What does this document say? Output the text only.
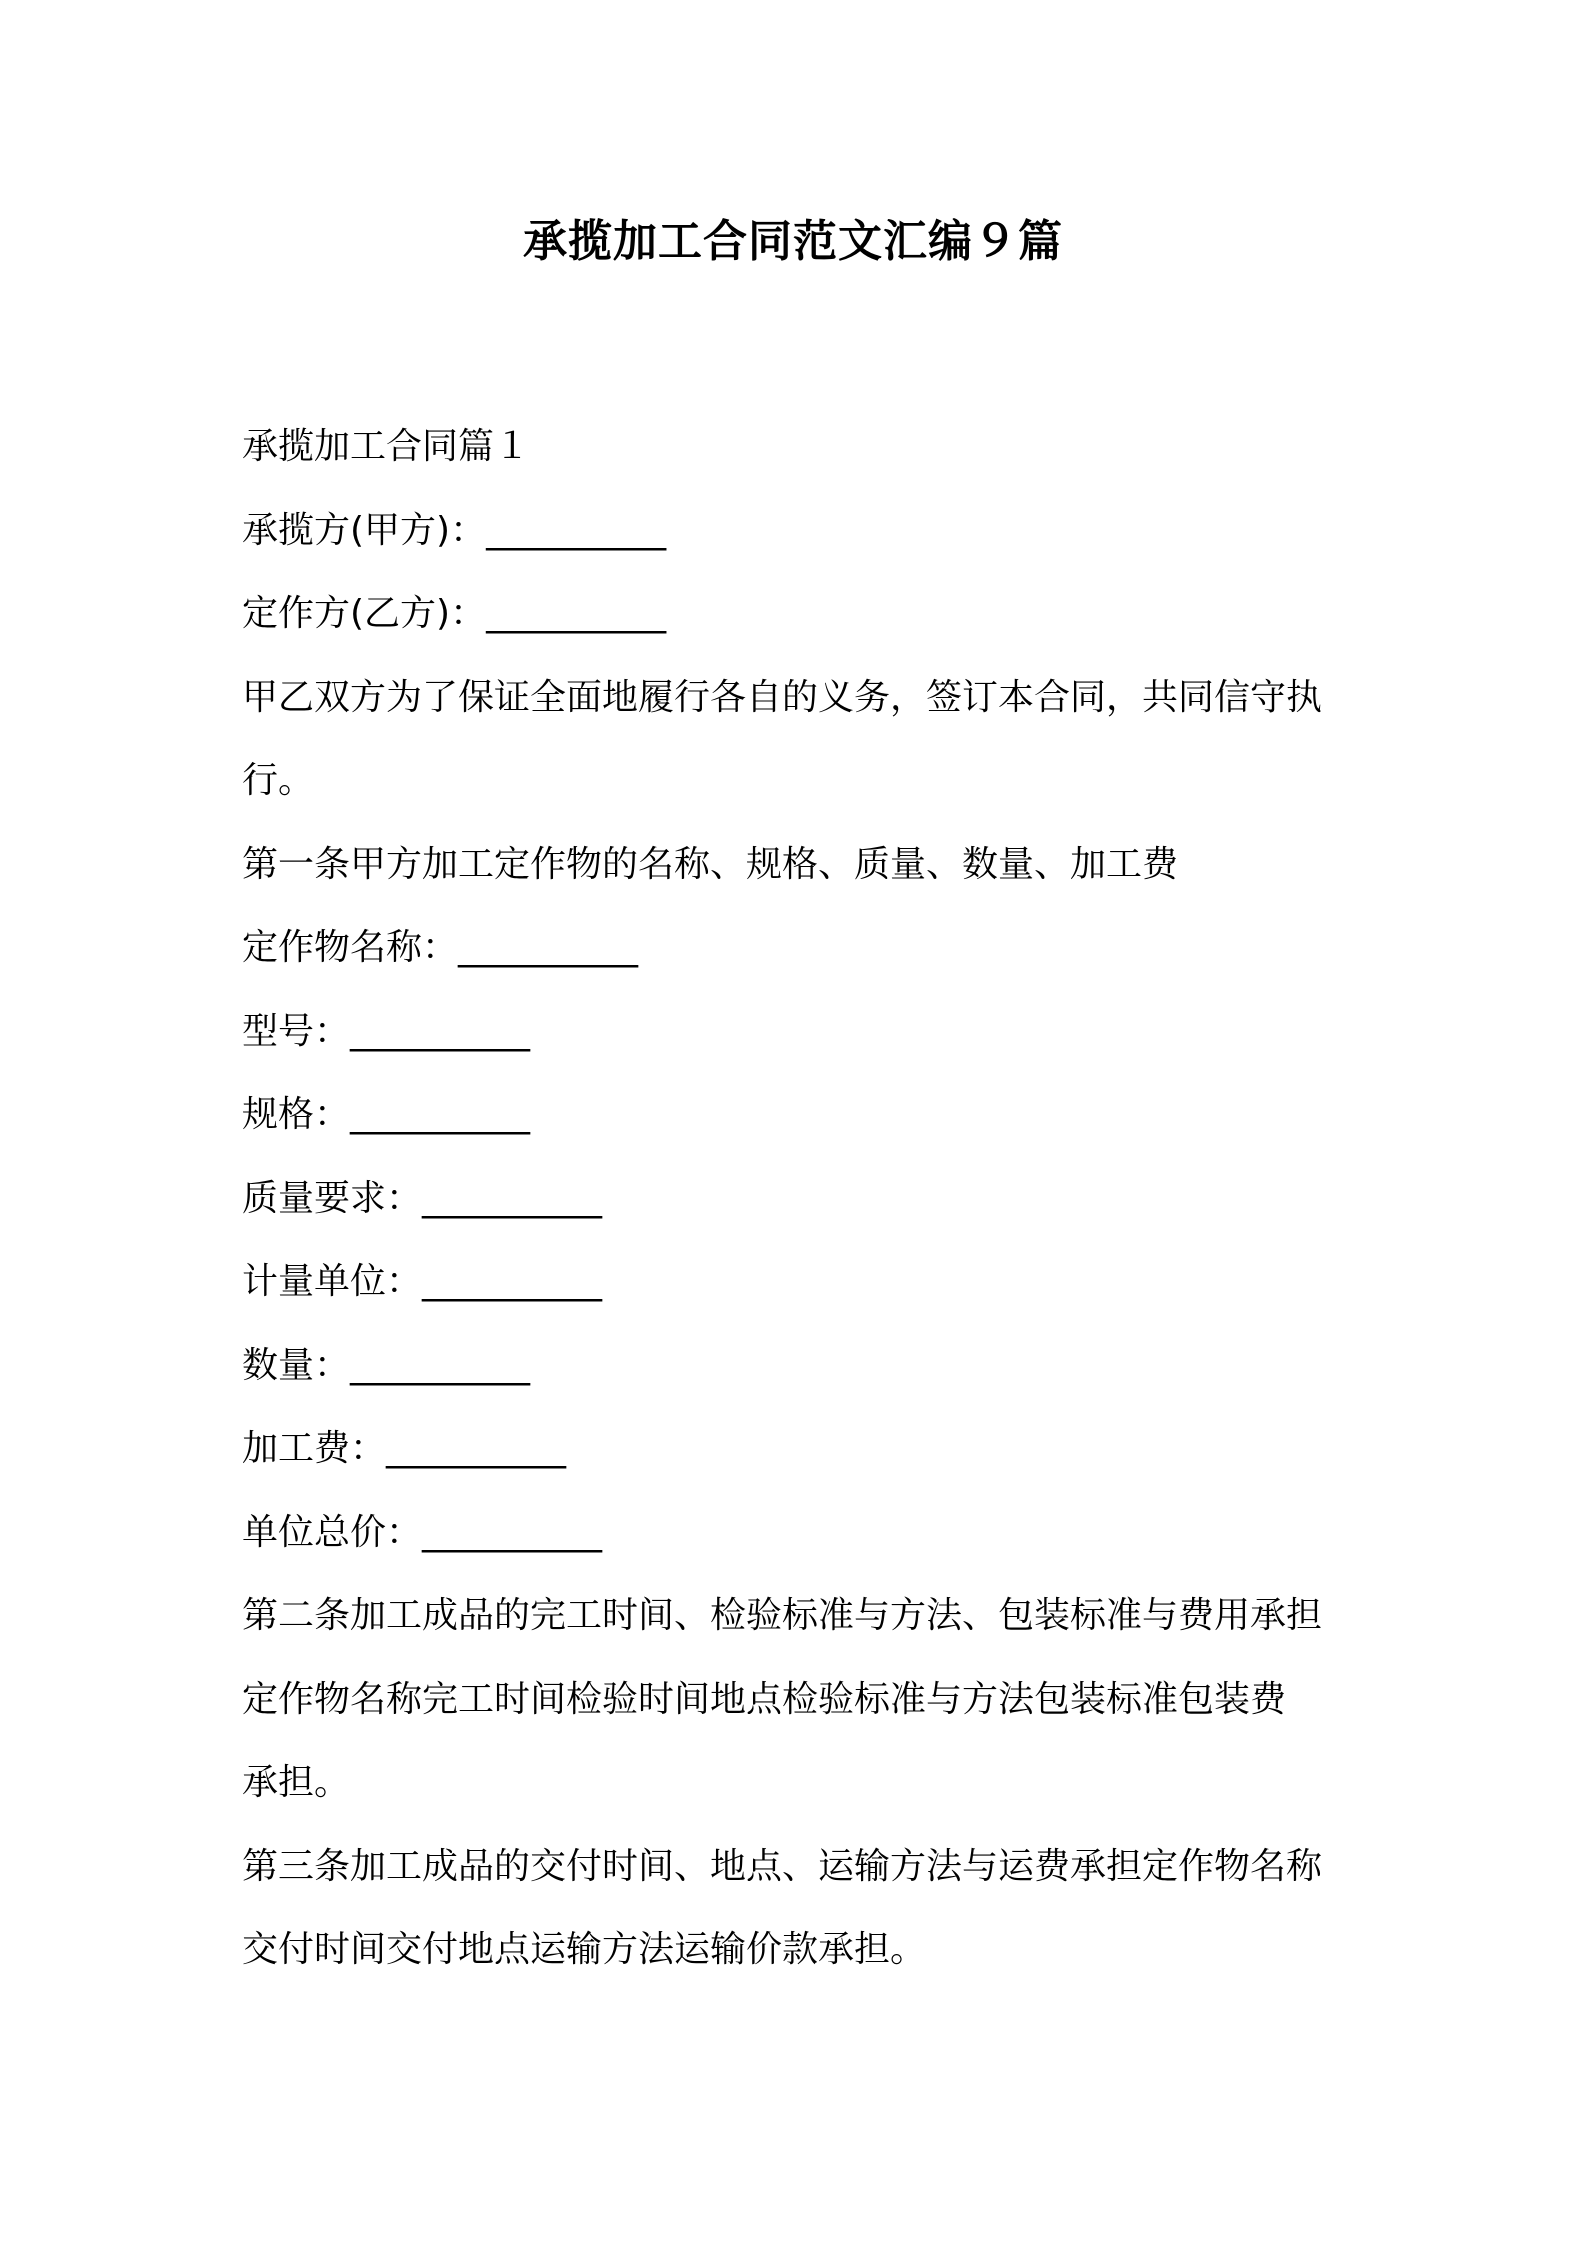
承揽加工合同范文汇编９篇

承揽加工合同篇１

承揽方(甲方)：__________

定作方(乙方)：__________

甲乙双方为了保证全面地履行各自的义务，签订本合同，共同信守执

行。

第一条甲方加工定作物的名称、规格、质量、数量、加工费

定作物名称：__________

型号：__________

规格：__________

质量要求：__________

计量单位：__________

数量：__________

加工费：__________

单位总价：__________

第二条加工成品的完工时间、检验标准与方法、包装标准与费用承担

定作物名称完工时间检验时间地点检验标准与方法包装标准包装费

承担。

第三条加工成品的交付时间、地点、运输方法与运费承担定作物名称

交付时间交付地点运输方法运输价款承担。
